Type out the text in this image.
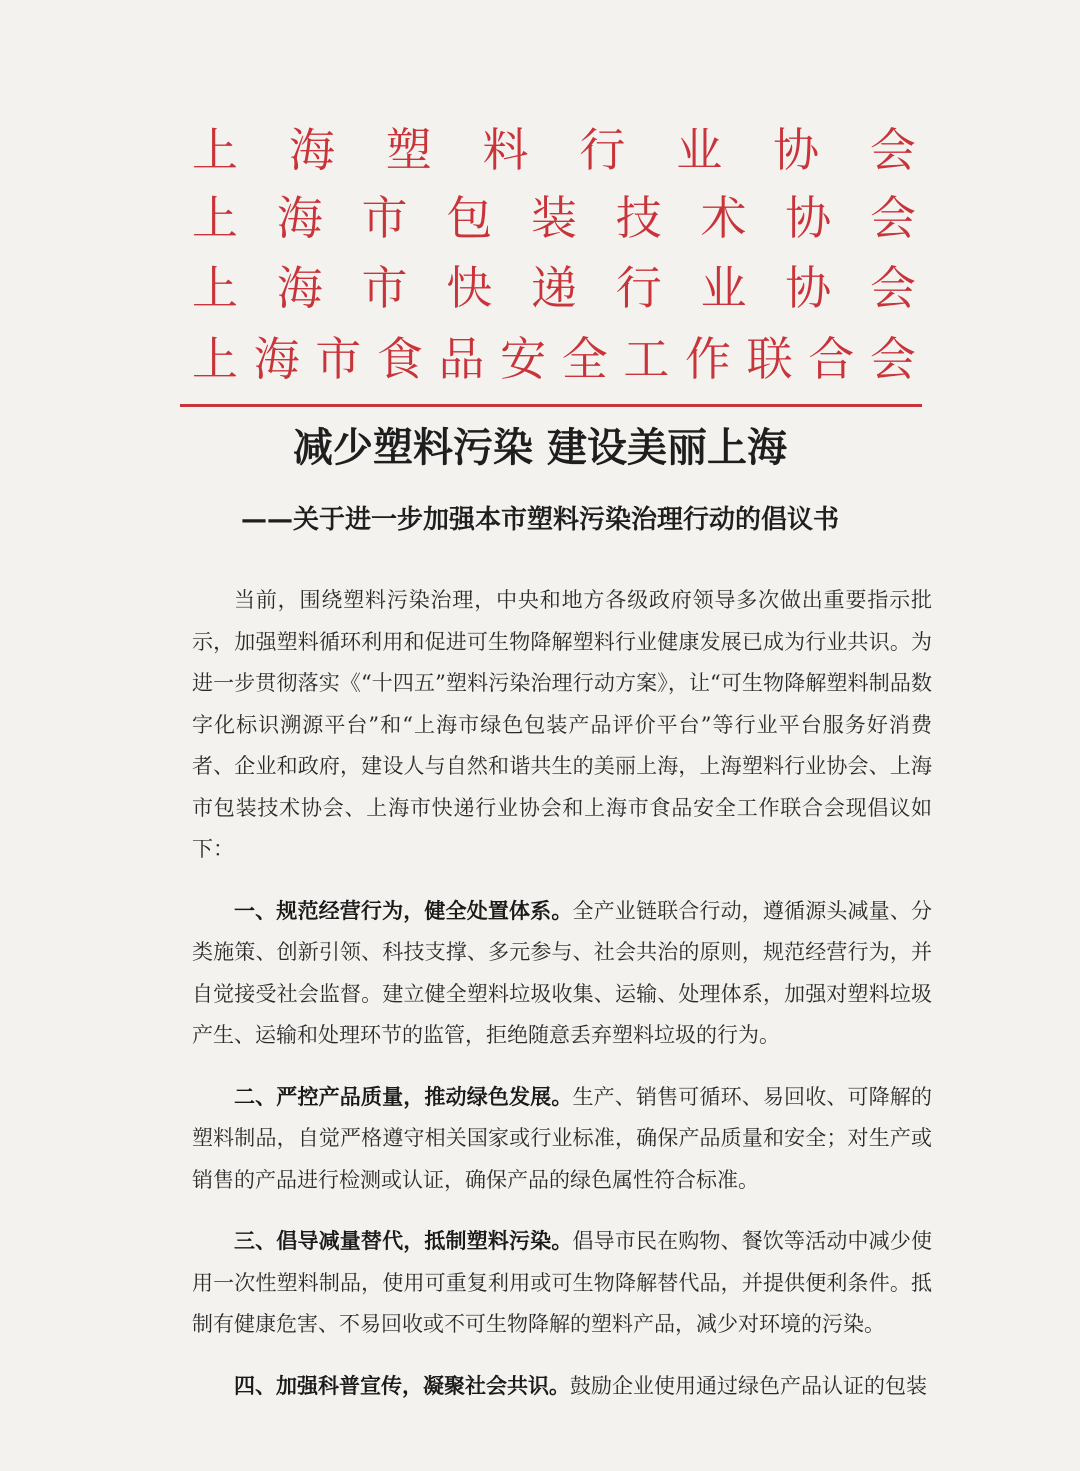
上 海 塑 料 行 业 协 会
上 海 市 包 装 技 术 协 会
上 海 市 快 递 行 业 协 会
上 海 市 食 品 安 全 工 作 联 合 会
减少塑料污染 建设美丽上海
——关于进一步加强本市塑料污染治理行动的倡议书

当前，围绕塑料污染治理，中央和地方各级政府领导多次做出重要指示批示，加强塑料循环利用和促进可生物降解塑料行业健康发展已成为行业共识。为进一步贯彻落实《“十四五”塑料污染治理行动方案》，让“可生物降解塑料制品数字化标识溯源平台”和“上海市绿色包装产品评价平台”等行业平台服务好消费者、企业和政府，建设人与自然和谐共生的美丽上海，上海塑料行业协会、上海市包装技术协会、上海市快递行业协会和上海市食品安全工作联合会现倡议如下：

一、规范经营行为，健全处置体系。全产业链联合行动，遵循源头减量、分类施策、创新引领、科技支撑、多元参与、社会共治的原则，规范经营行为，并自觉接受社会监督。建立健全塑料垃圾收集、运输、处理体系，加强对塑料垃圾产生、运输和处理环节的监管，拒绝随意丢弃塑料垃圾的行为。

二、严控产品质量，推动绿色发展。生产、销售可循环、易回收、可降解的塑料制品，自觉严格遵守相关国家或行业标准，确保产品质量和安全；对生产或销售的产品进行检测或认证，确保产品的绿色属性符合标准。

三、倡导减量替代，抵制塑料污染。倡导市民在购物、餐饮等活动中减少使用一次性塑料制品，使用可重复利用或可生物降解替代品，并提供便利条件。抵制有健康危害、不易回收或不可生物降解的塑料产品，减少对环境的污染。

四、加强科普宣传，凝聚社会共识。鼓励企业使用通过绿色产品认证的包装
